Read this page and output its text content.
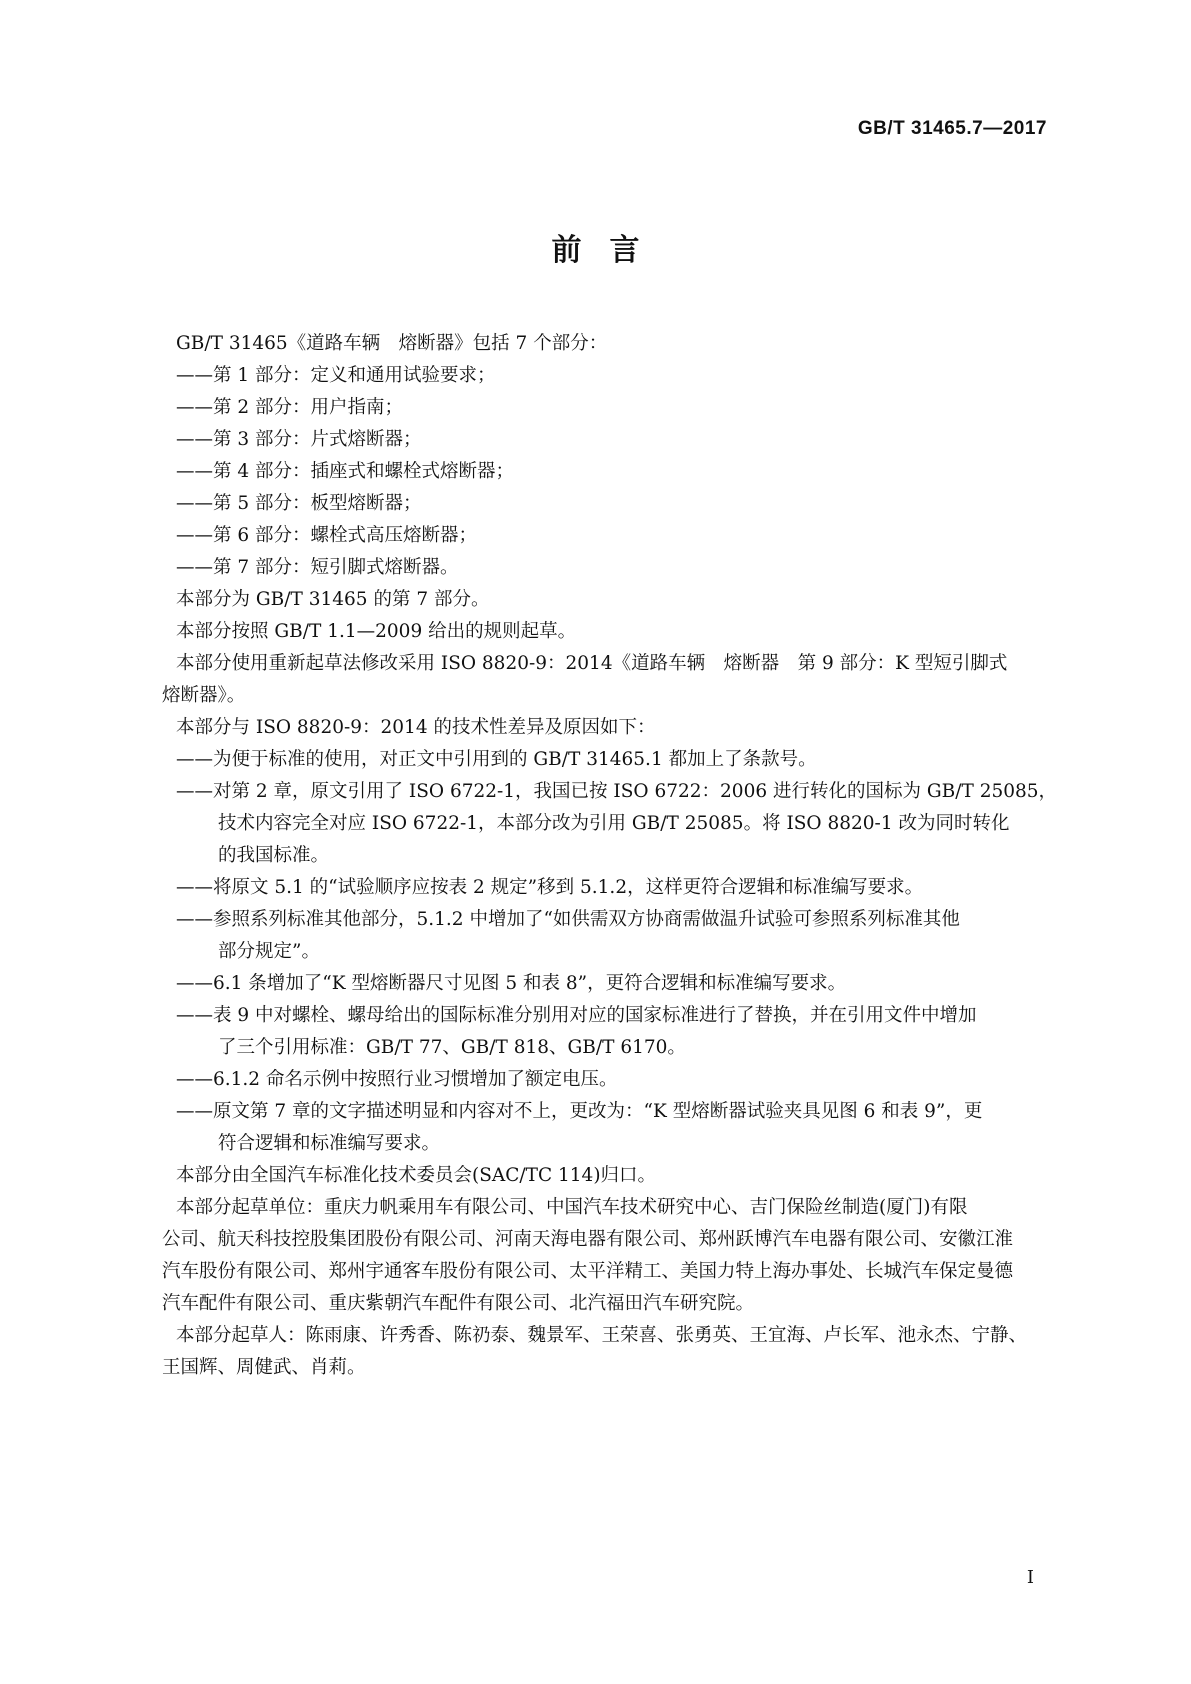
GB/T 31465.7—2017
前言
GB/T 31465《道路车辆　熔断器》包括 7 个部分：
——第 1 部分：定义和通用试验要求；
——第 2 部分：用户指南；
——第 3 部分：片式熔断器；
——第 4 部分：插座式和螺栓式熔断器；
——第 5 部分：板型熔断器；
——第 6 部分：螺栓式高压熔断器；
——第 7 部分：短引脚式熔断器。
本部分为 GB/T 31465 的第 7 部分。
本部分按照 GB/T 1.1—2009 给出的规则起草。
本部分使用重新起草法修改采用 ISO 8820-9：2014《道路车辆　熔断器　第 9 部分：K 型短引脚式
熔断器》。
本部分与 ISO 8820-9：2014 的技术性差异及原因如下：
——为便于标准的使用，对正文中引用到的 GB/T 31465.1 都加上了条款号。
——对第 2 章，原文引用了 ISO 6722-1，我国已按 ISO 6722：2006 进行转化的国标为 GB/T 25085，
技术内容完全对应 ISO 6722-1，本部分改为引用 GB/T 25085。将 ISO 8820-1 改为同时转化
的我国标准。
——将原文 5.1 的“试验顺序应按表 2 规定”移到 5.1.2，这样更符合逻辑和标准编写要求。
——参照系列标准其他部分，5.1.2 中增加了“如供需双方协商需做温升试验可参照系列标准其他
部分规定”。
——6.1 条增加了“K 型熔断器尺寸见图 5 和表 8”，更符合逻辑和标准编写要求。
——表 9 中对螺栓、螺母给出的国际标准分别用对应的国家标准进行了替换，并在引用文件中增加
了三个引用标准：GB/T 77、GB/T 818、GB/T 6170。
——6.1.2 命名示例中按照行业习惯增加了额定电压。
——原文第 7 章的文字描述明显和内容对不上，更改为：“K 型熔断器试验夹具见图 6 和表 9”，更
符合逻辑和标准编写要求。
本部分由全国汽车标准化技术委员会(SAC/TC 114)归口。
本部分起草单位：重庆力帆乘用车有限公司、中国汽车技术研究中心、吉门保险丝制造(厦门)有限
公司、航天科技控股集团股份有限公司、河南天海电器有限公司、郑州跃博汽车电器有限公司、安徽江淮
汽车股份有限公司、郑州宇通客车股份有限公司、太平洋精工、美国力特上海办事处、长城汽车保定曼德
汽车配件有限公司、重庆紫朝汽车配件有限公司、北汽福田汽车研究院。
本部分起草人：陈雨康、许秀香、陈礽泰、魏景军、王荣喜、张勇英、王宜海、卢长军、池永杰、宁静、
王国辉、周健武、肖莉。
I
